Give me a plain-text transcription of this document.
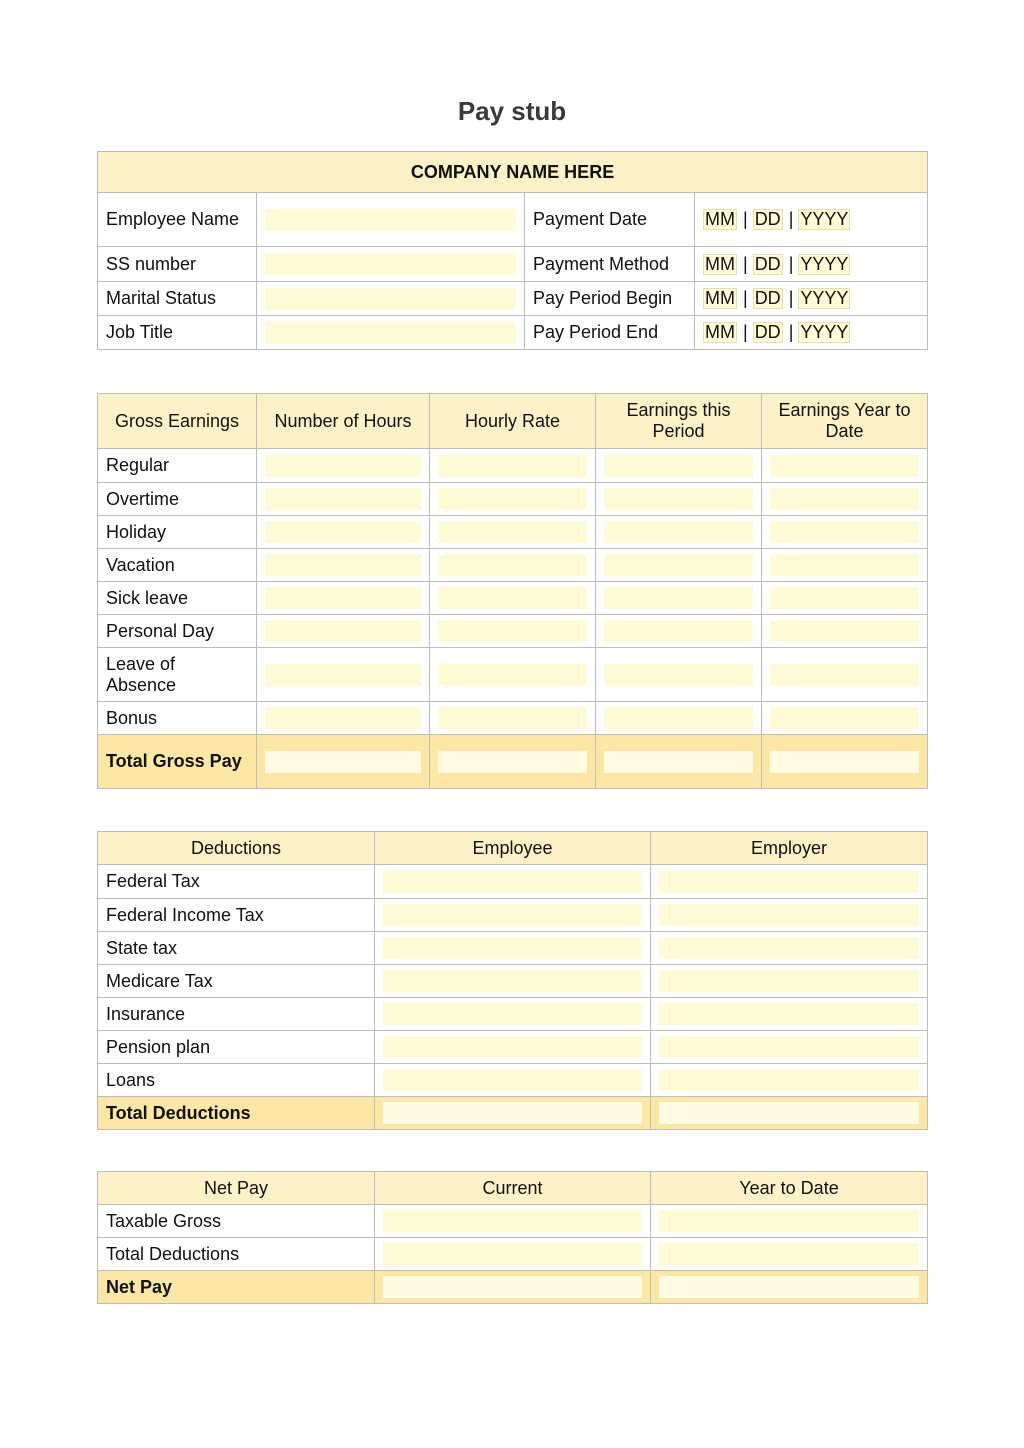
Pay stub
COMPANY NAME HERE			
Employee Name		Payment Date	MM | DD | YYYY

SS number		Payment Method	MM | DD | YYYY

Marital Status		Pay Period Begin	MM | DD | YYYY

Job Title		Pay Period End	MM | DD | YYYY
Gross Earnings	Number of Hours	Hourly Rate	Earnings this Period	Earnings Year to Date
Regular	

Overtime	

Holiday	

Vacation	

Sick leave	

Personal Day	

Leave of Absence	

Bonus	

Total Gross Pay	

Deductions	Employee	Employer
Federal Tax	

Federal Income Tax	

State tax	

Medicare Tax	

Insurance	

Pension plan	

Loans	

Total Deductions	

Net Pay	Current	Year to Date
Taxable Gross	

Total Deductions	

Net Pay	
